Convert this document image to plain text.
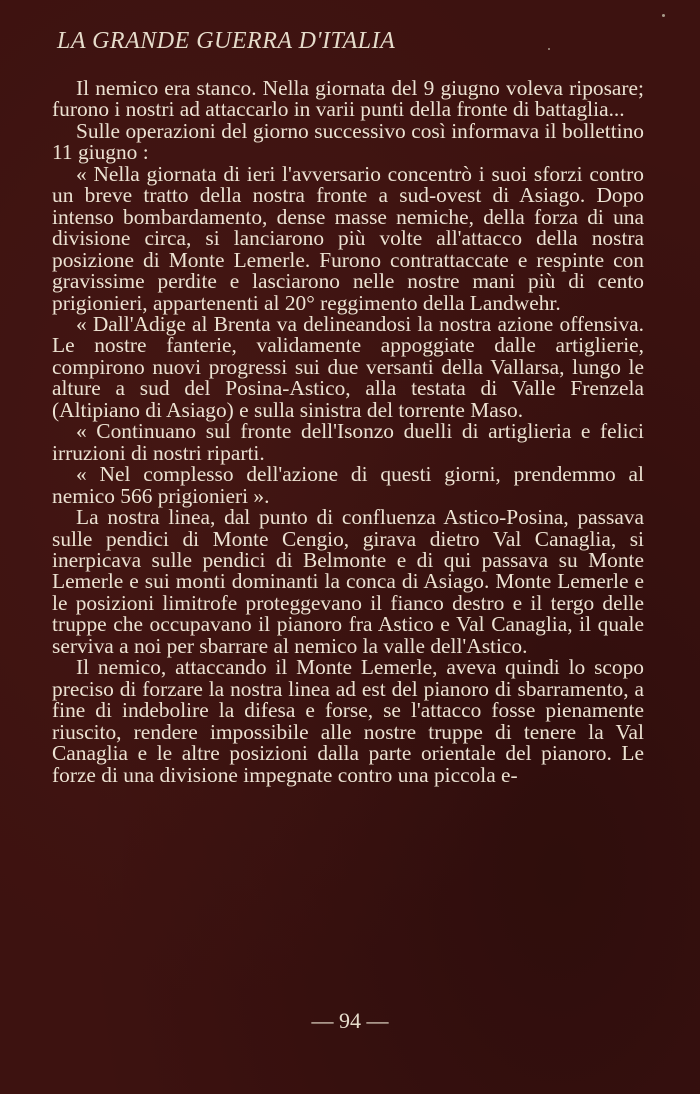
LA GRANDE GUERRA D'ITALIA

Il nemico era stanco. Nella giornata del 9 giugno voleva riposare; furono i nostri ad attaccarlo in varii punti della fronte di battaglia...

Sulle operazioni del giorno successivo così informava il bollettino 11 giugno :

« Nella giornata di ieri l'avversario concentrò i suoi sforzi contro un breve tratto della nostra fronte a sud-ovest di Asiago. Dopo intenso bombardamento, dense masse nemiche, della forza di una divisione circa, si lanciarono più volte all'attacco della nostra posizione di Monte Lemerle. Furono contrattaccate e respinte con gravissime perdite e lasciarono nelle nostre mani più di cento prigionieri, appartenenti al 20° reggimento della Landwehr.

« Dall'Adige al Brenta va delineandosi la nostra azione offensiva. Le nostre fanterie, validamente appoggiate dalle artiglierie, compirono nuovi progressi sui due versanti della Vallarsa, lungo le alture a sud del Posina-Astico, alla testata di Valle Frenzela (Altipiano di Asiago) e sulla sinistra del torrente Maso.

« Continuano sul fronte dell'Isonzo duelli di artiglieria e felici irruzioni di nostri riparti.

« Nel complesso dell'azione di questi giorni, prendemmo al nemico 566 prigionieri ».

La nostra linea, dal punto di confluenza Astico-Posina, passava sulle pendici di Monte Cengio, girava dietro Val Canaglia, si inerpicava sulle pendici di Belmonte e di qui passava su Monte Lemerle e sui monti dominanti la conca di Asiago. Monte Lemerle e le posizioni limitrofe proteggevano il fianco destro e il tergo delle truppe che occupavano il pianoro fra Astico e Val Canaglia, il quale serviva a noi per sbarrare al nemico la valle dell'Astico.

Il nemico, attaccando il Monte Lemerle, aveva quindi lo scopo preciso di forzare la nostra linea ad est del pianoro di sbarramento, a fine di indebolire la difesa e forse, se l'attacco fosse pienamente riuscito, rendere impossibile alle nostre truppe di tenere la Val Canaglia e le altre posizioni dalla parte orientale del pianoro. Le forze di una divisione impegnate contro una piccola e-

— 94 —
